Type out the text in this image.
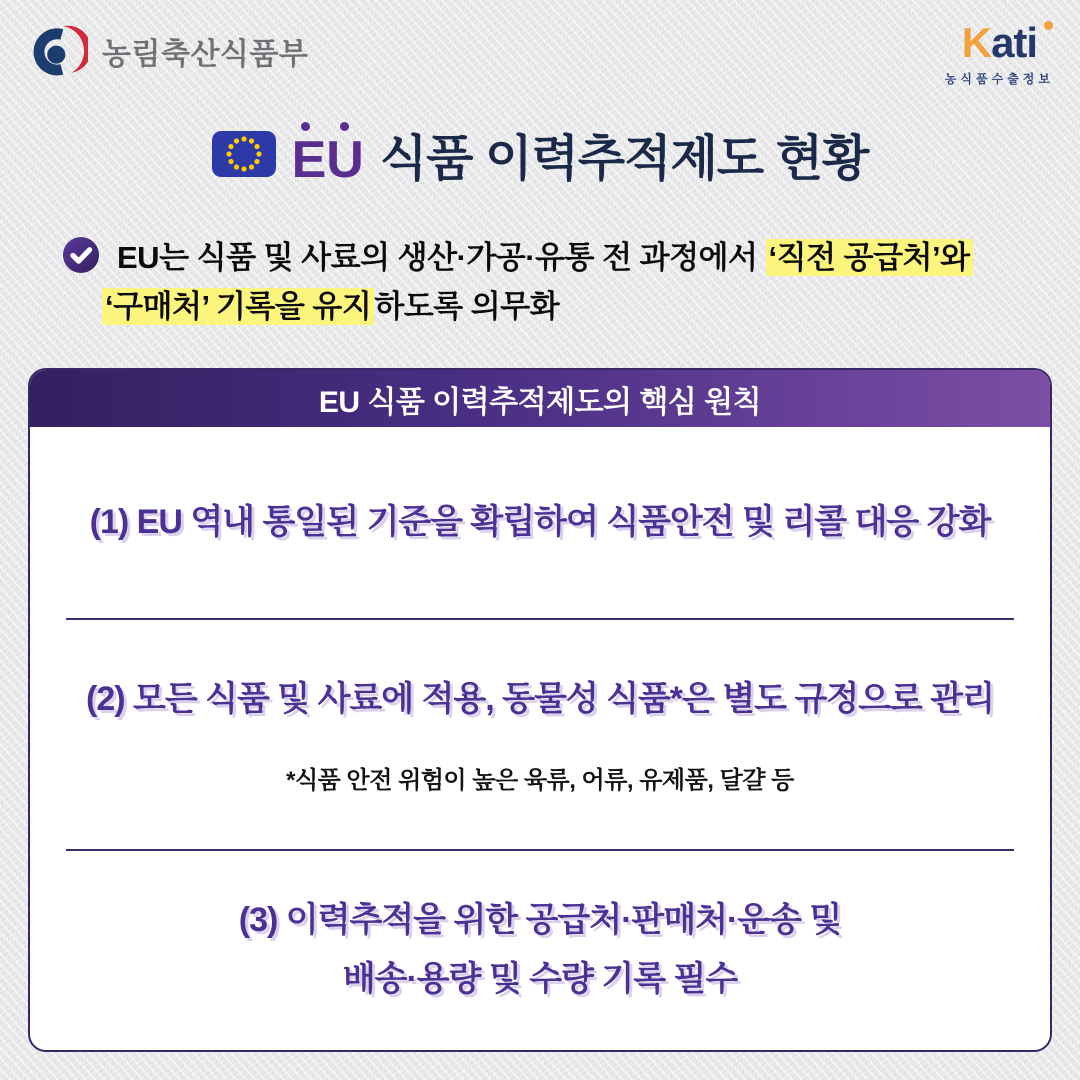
농림축산식품부	Kati
농식품수출정보
EU 식품 이력추적제도 현황
EU는 식품 및 사료의 생산·가공·유통 전 과정에서 ‘직전 공급처’와
‘구매처’ 기록을 유지하도록 의무화
EU 식품 이력추적제도의 핵심 원칙
(1) EU 역내 통일된 기준을 확립하여 식품안전 및 리콜 대응 강화
(2) 모든 식품 및 사료에 적용, 동물성 식품*은 별도 규정으로 관리
*식품 안전 위험이 높은 육류, 어류, 유제품, 달걀 등
(3) 이력추적을 위한 공급처·판매처·운송 및
배송·용량 및 수량 기록 필수
